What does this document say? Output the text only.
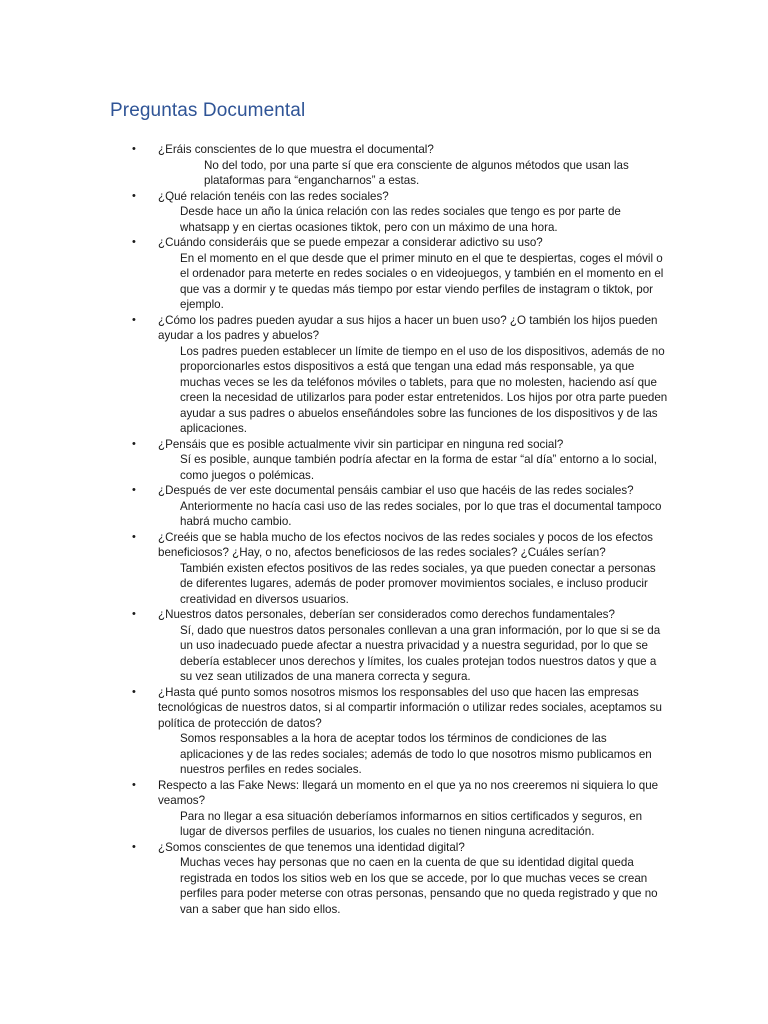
Preguntas Documental
• ¿Eráis conscientes de lo que muestra el documental?
No del todo, por una parte sí que era consciente de algunos métodos que usan las plataformas para “engancharnos” a estas.
• ¿Qué relación tenéis con las redes sociales?
Desde hace un año la única relación con las redes sociales que tengo es por parte de whatsapp y en ciertas ocasiones tiktok, pero con un máximo de una hora.
• ¿Cuándo consideráis que se puede empezar a considerar adictivo su uso?
En el momento en el que desde que el primer minuto en el que te despiertas, coges el móvil o el ordenador para meterte en redes sociales o en videojuegos, y también en el momento en el que vas a dormir y te quedas más tiempo por estar viendo perfiles de instagram o tiktok, por ejemplo.
• ¿Cómo los padres pueden ayudar a sus hijos a hacer un buen uso? ¿O también los hijos pueden ayudar a los padres y abuelos?
Los padres pueden establecer un límite de tiempo en el uso de los dispositivos, además de no proporcionarles estos dispositivos a está que tengan una edad más responsable, ya que muchas veces se les da teléfonos móviles o tablets, para que no molesten, haciendo así que creen la necesidad de utilizarlos para poder estar entretenidos. Los hijos por otra parte pueden ayudar a sus padres o abuelos enseñándoles sobre las funciones de los dispositivos y de las aplicaciones.
• ¿Pensáis que es posible actualmente vivir sin participar en ninguna red social?
Sí es posible, aunque también podría afectar en la forma de estar “al día” entorno a lo social, como juegos o polémicas.
• ¿Después de ver este documental pensáis cambiar el uso que hacéis de las redes sociales?
Anteriormente no hacía casi uso de las redes sociales, por lo que tras el documental tampoco habrá mucho cambio.
• ¿Creéis que se habla mucho de los efectos nocivos de las redes sociales y pocos de los efectos beneficiosos? ¿Hay, o no, afectos beneficiosos de las redes sociales? ¿Cuáles serían?
También existen efectos positivos de las redes sociales, ya que pueden conectar a personas de diferentes lugares, además de poder promover movimientos sociales, e incluso producir creatividad en diversos usuarios.
• ¿Nuestros datos personales, deberían ser considerados como derechos fundamentales?
Sí, dado que nuestros datos personales conllevan a una gran información, por lo que si se da un uso inadecuado puede afectar a nuestra privacidad y a nuestra seguridad, por lo que se debería establecer unos derechos y límites, los cuales protejan todos nuestros datos y que a su vez sean utilizados de una manera correcta y segura.
• ¿Hasta qué punto somos nosotros mismos los responsables del uso que hacen las empresas tecnológicas de nuestros datos, si al compartir información o utilizar redes sociales, aceptamos su política de protección de datos?
Somos responsables a la hora de aceptar todos los términos de condiciones de las aplicaciones y de las redes sociales; además de todo lo que nosotros mismo publicamos en nuestros perfiles en redes sociales.
• Respecto a las Fake News: llegará un momento en el que ya no nos creeremos ni siquiera lo que veamos?
Para no llegar a esa situación deberíamos informarnos en sitios certificados y seguros, en lugar de diversos perfiles de usuarios, los cuales no tienen ninguna acreditación.
• ¿Somos conscientes de que tenemos una identidad digital?
Muchas veces hay personas que no caen en la cuenta de que su identidad digital queda registrada en todos los sitios web en los que se accede, por lo que muchas veces se crean perfiles para poder meterse con otras personas, pensando que no queda registrado y que no van a saber que han sido ellos.
